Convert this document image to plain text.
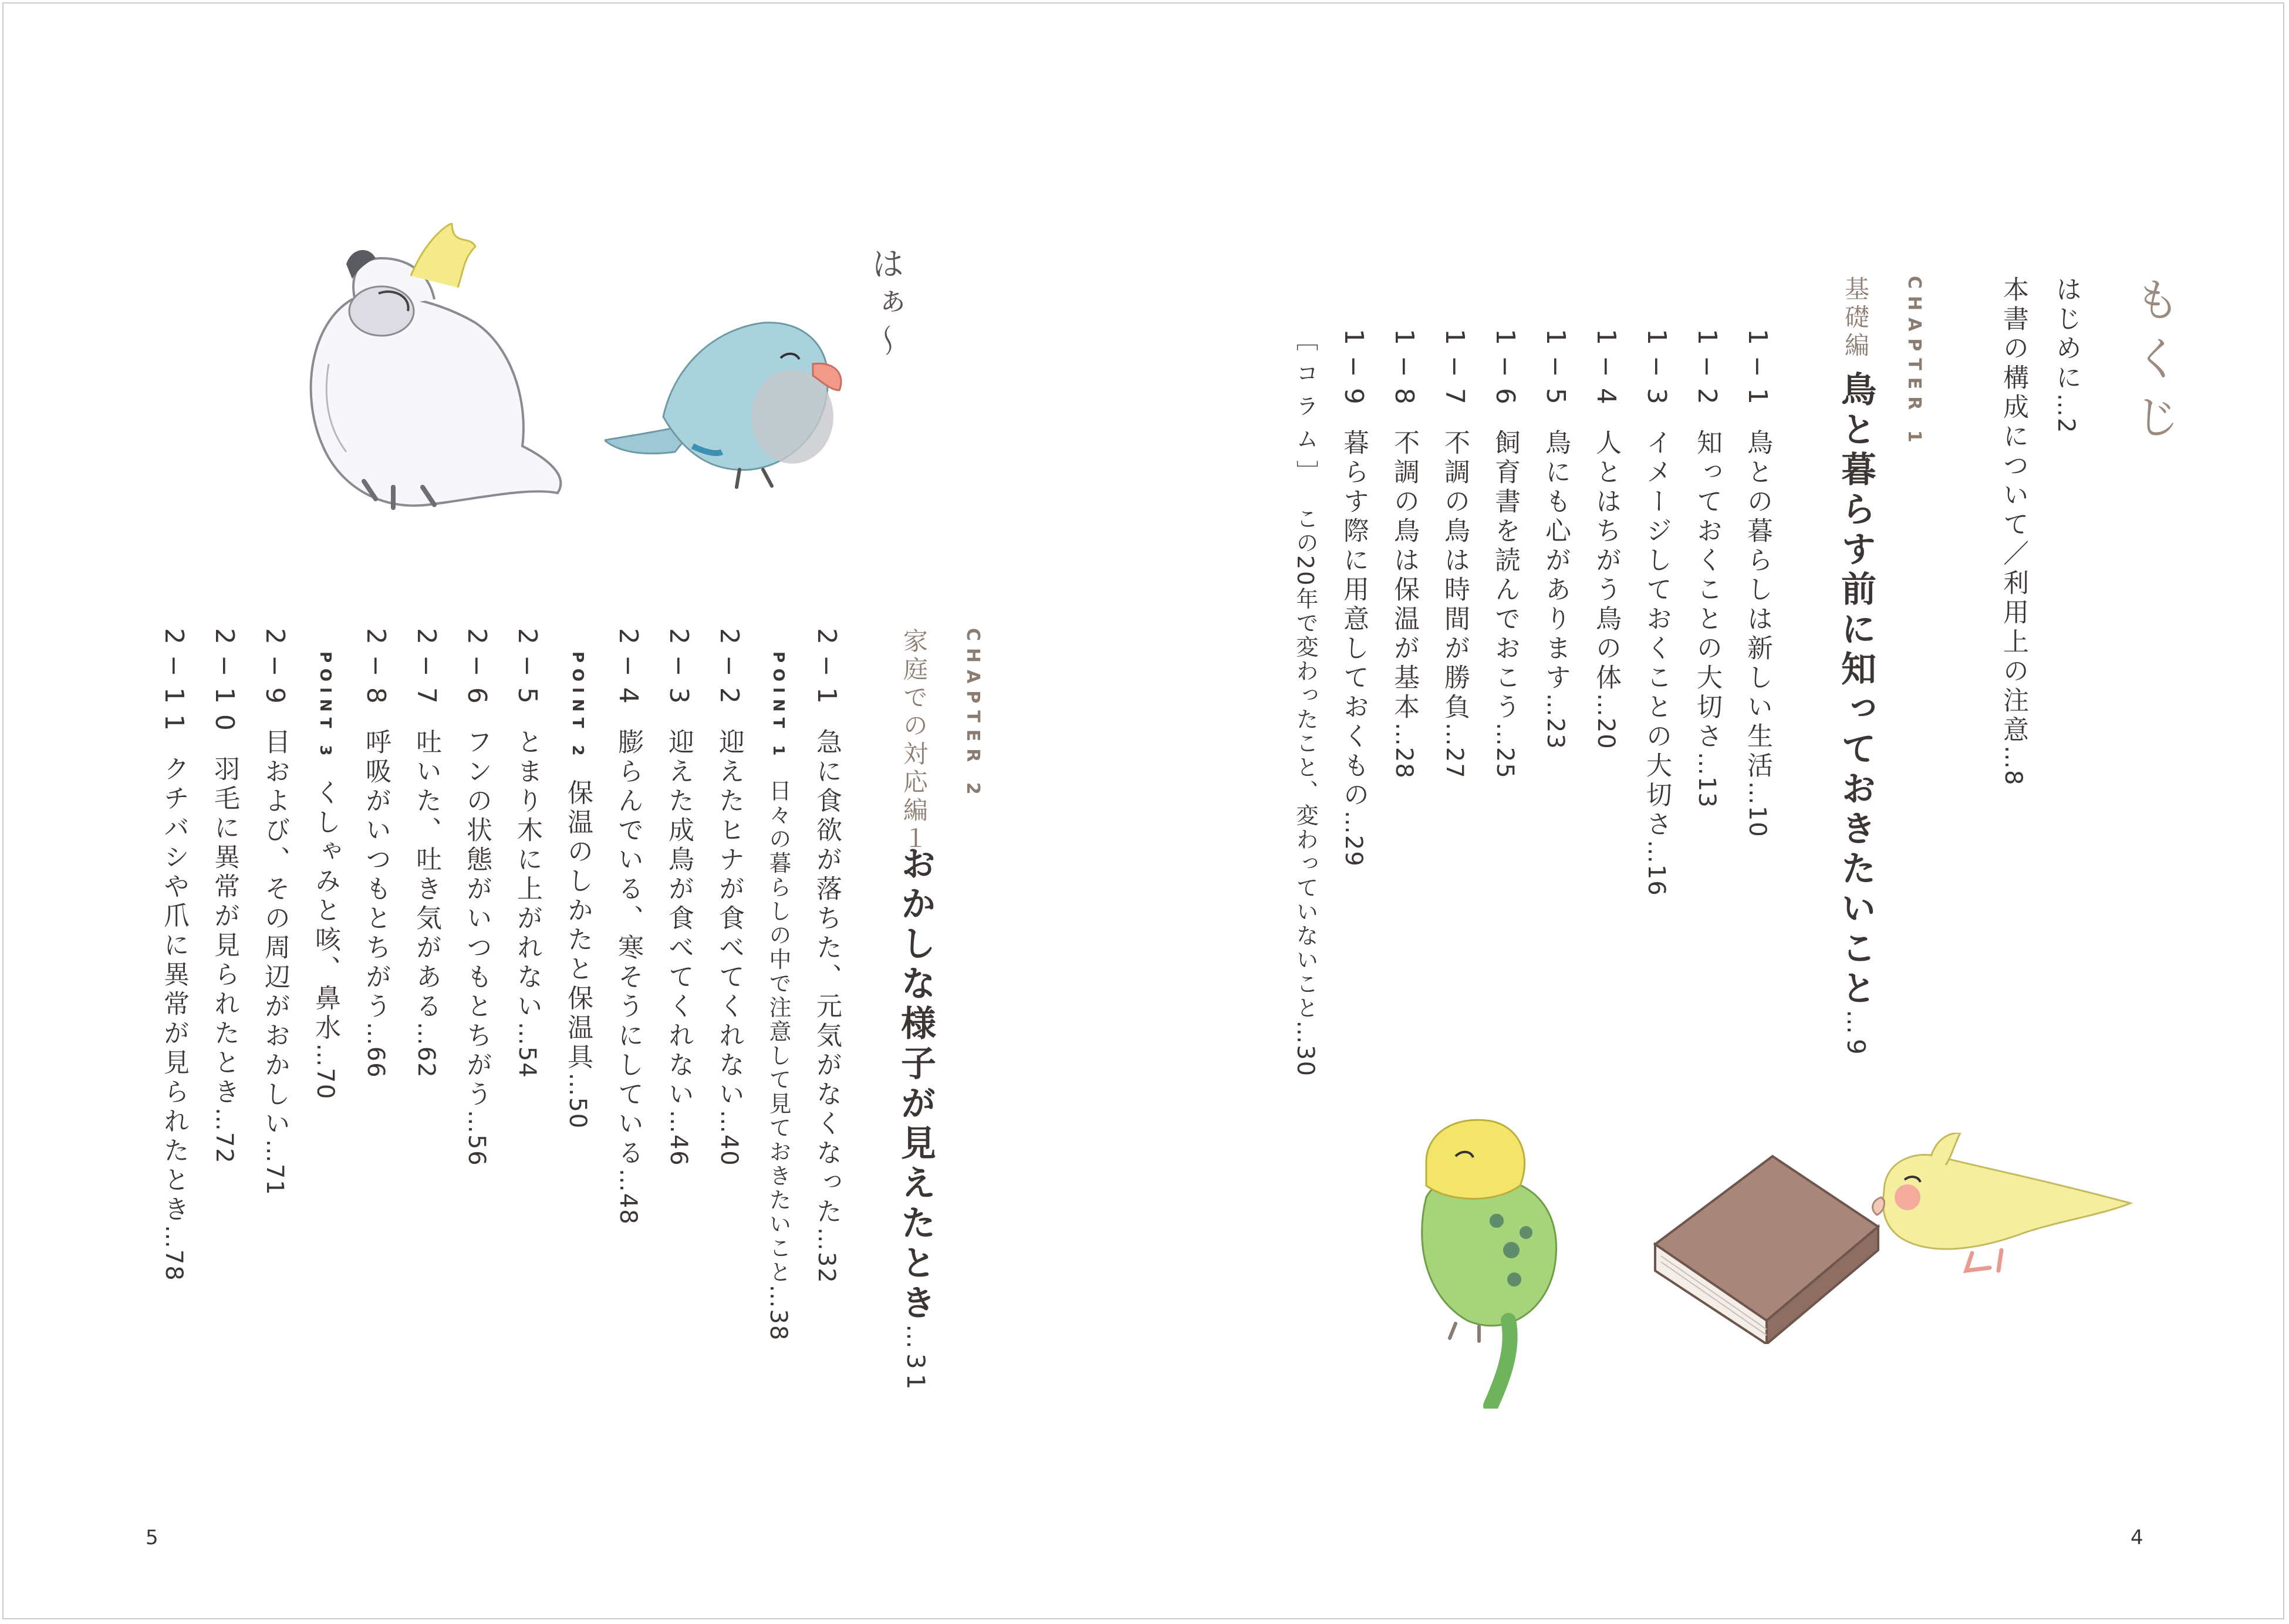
もくじ
はじめに…2
本書の構成について／利用上の注意…8
CHAPTER 1
基礎編
鳥と暮らす前に知っておきたいこと…9
1−1鳥との暮らしは新しい生活…10
1−2知っておくことの大切さ…13
1−3イメージしておくことの大切さ…16
1−4人とはちがう鳥の体…20
1−5鳥にも心があります…23
1−6飼育書を読んでおこう…25
1−7不調の鳥は時間が勝負…27
1−8不調の鳥は保温が基本…28
1−9暮らす際に用意しておくもの…29
［コラム］この20年で変わったこと、変わっていないこと…30
4
CHAPTER 2
家庭での対応編１
おかしな様子が見えたとき…31
2−1急に食欲が落ちた、元気がなくなった…32
POINT 1日々の暮らしの中で注意して見ておきたいこと…38
2−2迎えたヒナが食べてくれない…40
2−3迎えた成鳥が食べてくれない…46
2−4膨らんでいる、寒そうにしている…48
POINT 2保温のしかたと保温具…50
2−5とまり木に上がれない…54
2−6フンの状態がいつもとちがう…56
2−7吐いた、吐き気がある…62
2−8呼吸がいつもとちがう…66
POINT 3くしゃみと咳、鼻水…70
2−9目および、その周辺がおかしい…71
2−10羽毛に異常が見られたとき…72
2−11クチバシや爪に異常が見られたとき…78
5
はぁ〜
